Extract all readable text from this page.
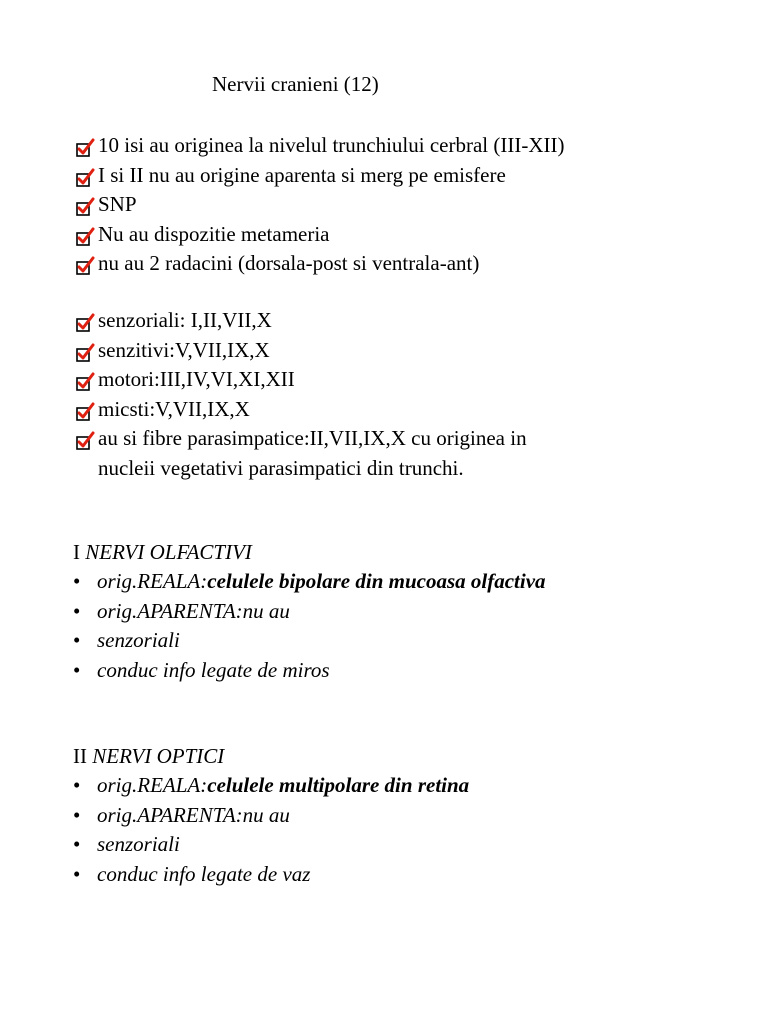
Nervii cranieni (12)
10 isi au originea la nivelul trunchiului cerbral (III-XII)
I si II nu au origine aparenta si merg pe emisfere
SNP
Nu au dispozitie metameria
nu au 2 radacini (dorsala-post si ventrala-ant)
senzoriali: I,II,VII,X
senzitivi:V,VII,IX,X
motori:III,IV,VI,XI,XII
micsti:V,VII,IX,X
au si fibre parasimpatice:II,VII,IX,X cu originea in
nucleii vegetativi parasimpatici din trunchi.
I NERVI OLFACTIVI
• orig.REALA:celulele bipolare din mucoasa olfactiva
• orig.APARENTA:nu au
• senzoriali
• conduc info legate de miros
II NERVI OPTICI
• orig.REALA:celulele multipolare din retina
• orig.APARENTA:nu au
• senzoriali
• conduc info legate de vaz
